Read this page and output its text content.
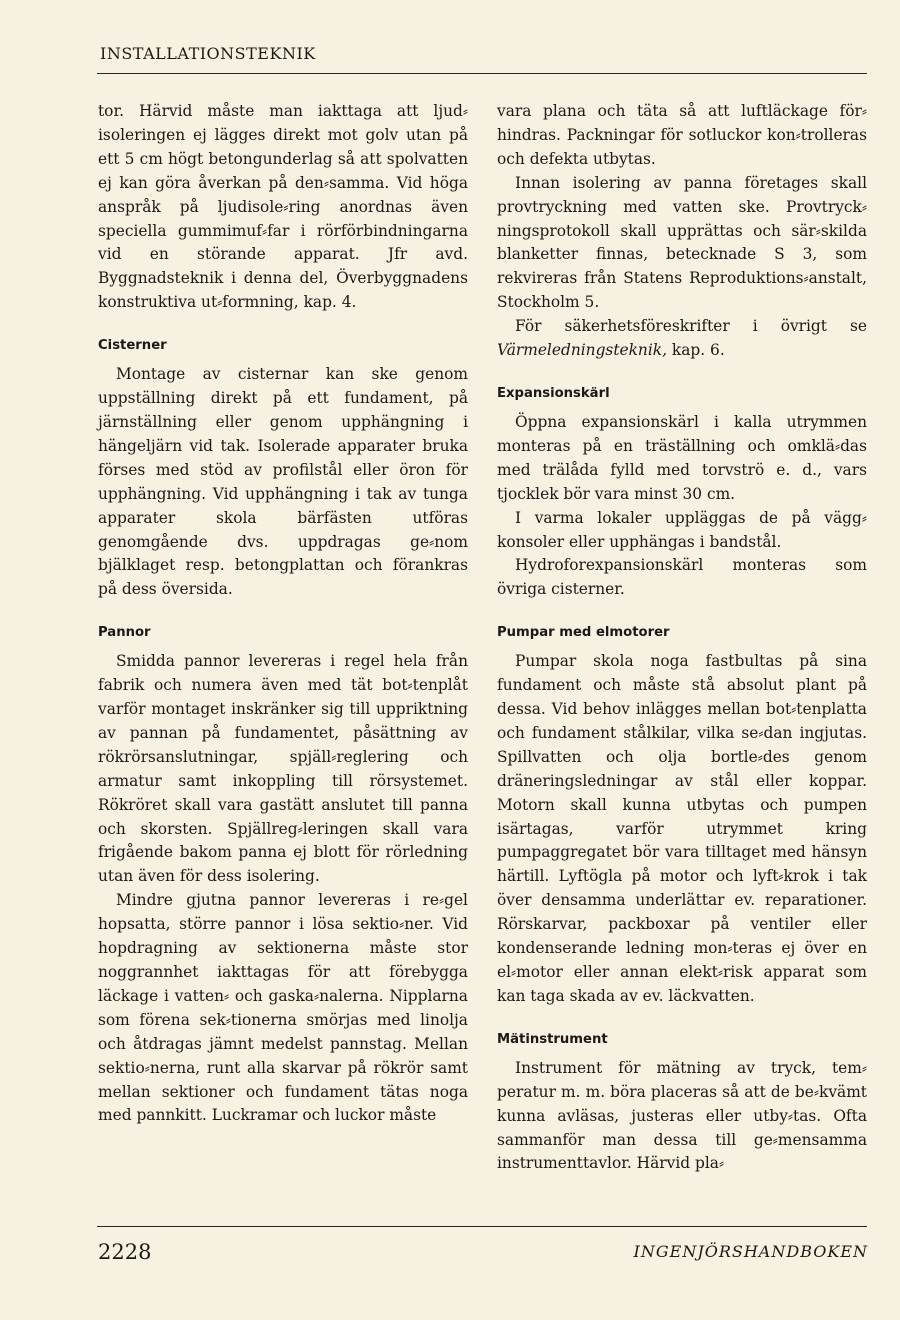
INSTALLATIONSTEKNIK

tor. Härvid måste man iakttaga att ljud⸗isoleringen ej lägges direkt mot golv utan på ett 5 cm högt betongunderlag så att spolvatten ej kan göra åverkan på den⸗samma. Vid höga anspråk på ljudisole⸗ring anordnas även speciella gummimuf⸗far i rörförbindningarna vid en störande apparat. Jfr avd. Byggnadsteknik i denna del, Överbyggnadens konstruktiva ut⸗formning, kap. 4.

Cisterner

Montage av cisternar kan ske genom uppställning direkt på ett fundament, på järnställning eller genom upphängning i hängeljärn vid tak. Isolerade apparater bruka förses med stöd av profilstål eller öron för upphängning. Vid upphängning i tak av tunga apparater skola bärfästen utföras genomgående dvs. uppdragas ge⸗nom bjälklaget resp. betongplattan och förankras på dess översida.

Pannor

Smidda pannor levereras i regel hela från fabrik och numera även med tät bot⸗tenplåt varför montaget inskränker sig till uppriktning av pannan på fundamentet, påsättning av rökrörsanslutningar, spjäll⸗reglering och armatur samt inkoppling till rörsystemet. Rökröret skall vara gastätt anslutet till panna och skorsten. Spjällreg⸗leringen skall vara frigående bakom panna ej blott för rörledning utan även för dess isolering.

Mindre gjutna pannor levereras i re⸗gel hopsatta, större pannor i lösa sektio⸗ner. Vid hopdragning av sektionerna måste stor noggrannhet iakttagas för att förebygga läckage i vatten⸗ och gaska⸗nalerna. Nipplarna som förena sek⸗tionerna smörjas med linolja och åtdragas jämnt medelst pannstag. Mellan sektio⸗nerna, runt alla skarvar på rökrör samt mellan sektioner och fundament tätas noga med pannkitt. Luckramar och luckor måste

vara plana och täta så att luftläckage för⸗hindras. Packningar för sotluckor kon⸗trolleras och defekta utbytas.

Innan isolering av panna företages skall provtryckning med vatten ske. Provtryck⸗ningsprotokoll skall upprättas och sär⸗skilda blanketter finnas, betecknade S 3, som rekvireras från Statens Reproduktions⸗anstalt, Stockholm 5.

För säkerhetsföreskrifter i övrigt se Värmeledningsteknik, kap. 6.

Expansionskärl

Öppna expansionskärl i kalla utrymmen monteras på en träställning och omklä⸗das med trälåda fylld med torvströ e. d., vars tjocklek bör vara minst 30 cm.

I varma lokaler uppläggas de på vägg⸗konsoler eller upphängas i bandstål.

Hydroforexpansionskärl monteras som övriga cisterner.

Pumpar med elmotorer

Pumpar skola noga fastbultas på sina fundament och måste stå absolut plant på dessa. Vid behov inlägges mellan bot⸗tenplatta och fundament stålkilar, vilka se⸗dan ingjutas. Spillvatten och olja bortle⸗des genom dräneringsledningar av stål eller koppar. Motorn skall kunna utbytas och pumpen isärtagas, varför utrymmet kring pumpaggregatet bör vara tilltaget med hänsyn härtill. Lyftögla på motor och lyft⸗krok i tak över densamma underlättar ev. reparationer. Rörskarvar, packboxar på ventiler eller kondenserande ledning mon⸗teras ej över en el⸗motor eller annan elekt⸗risk apparat som kan taga skada av ev. läckvatten.

Mätinstrument

Instrument för mätning av tryck, tem⸗peratur m. m. böra placeras så att de be⸗kvämt kunna avläsas, justeras eller utby⸗tas. Ofta sammanför man dessa till ge⸗mensamma instrumenttavlor. Härvid pla⸗

2228	INGENJÖRSHANDBOKEN
